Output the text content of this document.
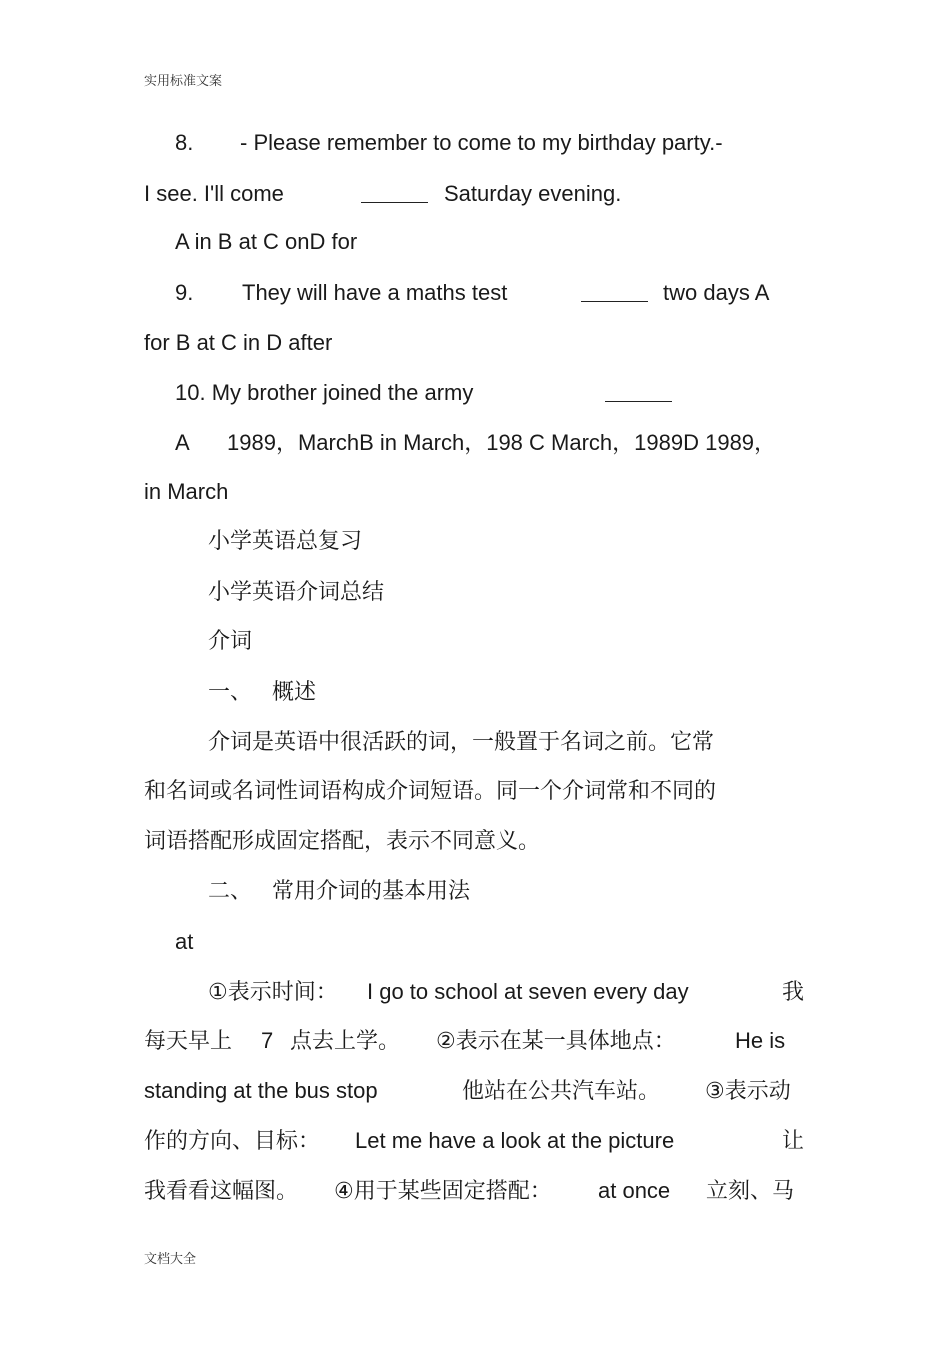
实用标准文案
8. - Please remember to come to my birthday party.-
I see. I'll come	Saturday evening.
A in B at C onD for
9. They will have a maths test	two days A
for B at C in D after
10. My brother joined the army
A 1989，MarchB in March，198 C March，1989D 1989，
in March
小学英语总复习
小学英语介词总结
介词
一、 概述
介词是英语中很活跃的词，一般置于名词之前。它常
和名词或名词性词语构成介词短语。同一个介词常和不同的
词语搭配形成固定搭配，表示不同意义。
二、 常用介词的基本用法
at
①表示时间： I go to school at seven every day	我
每天早上 7 点去上学。 ②表示在某一具体地点：	He is
standing at the bus stop	他站在公共汽车站。 ③表示动
作的方向、目标： Let me have a look at the picture	让
我看看这幅图。 ④用于某些固定搭配： at once 立刻、马
文档大全
